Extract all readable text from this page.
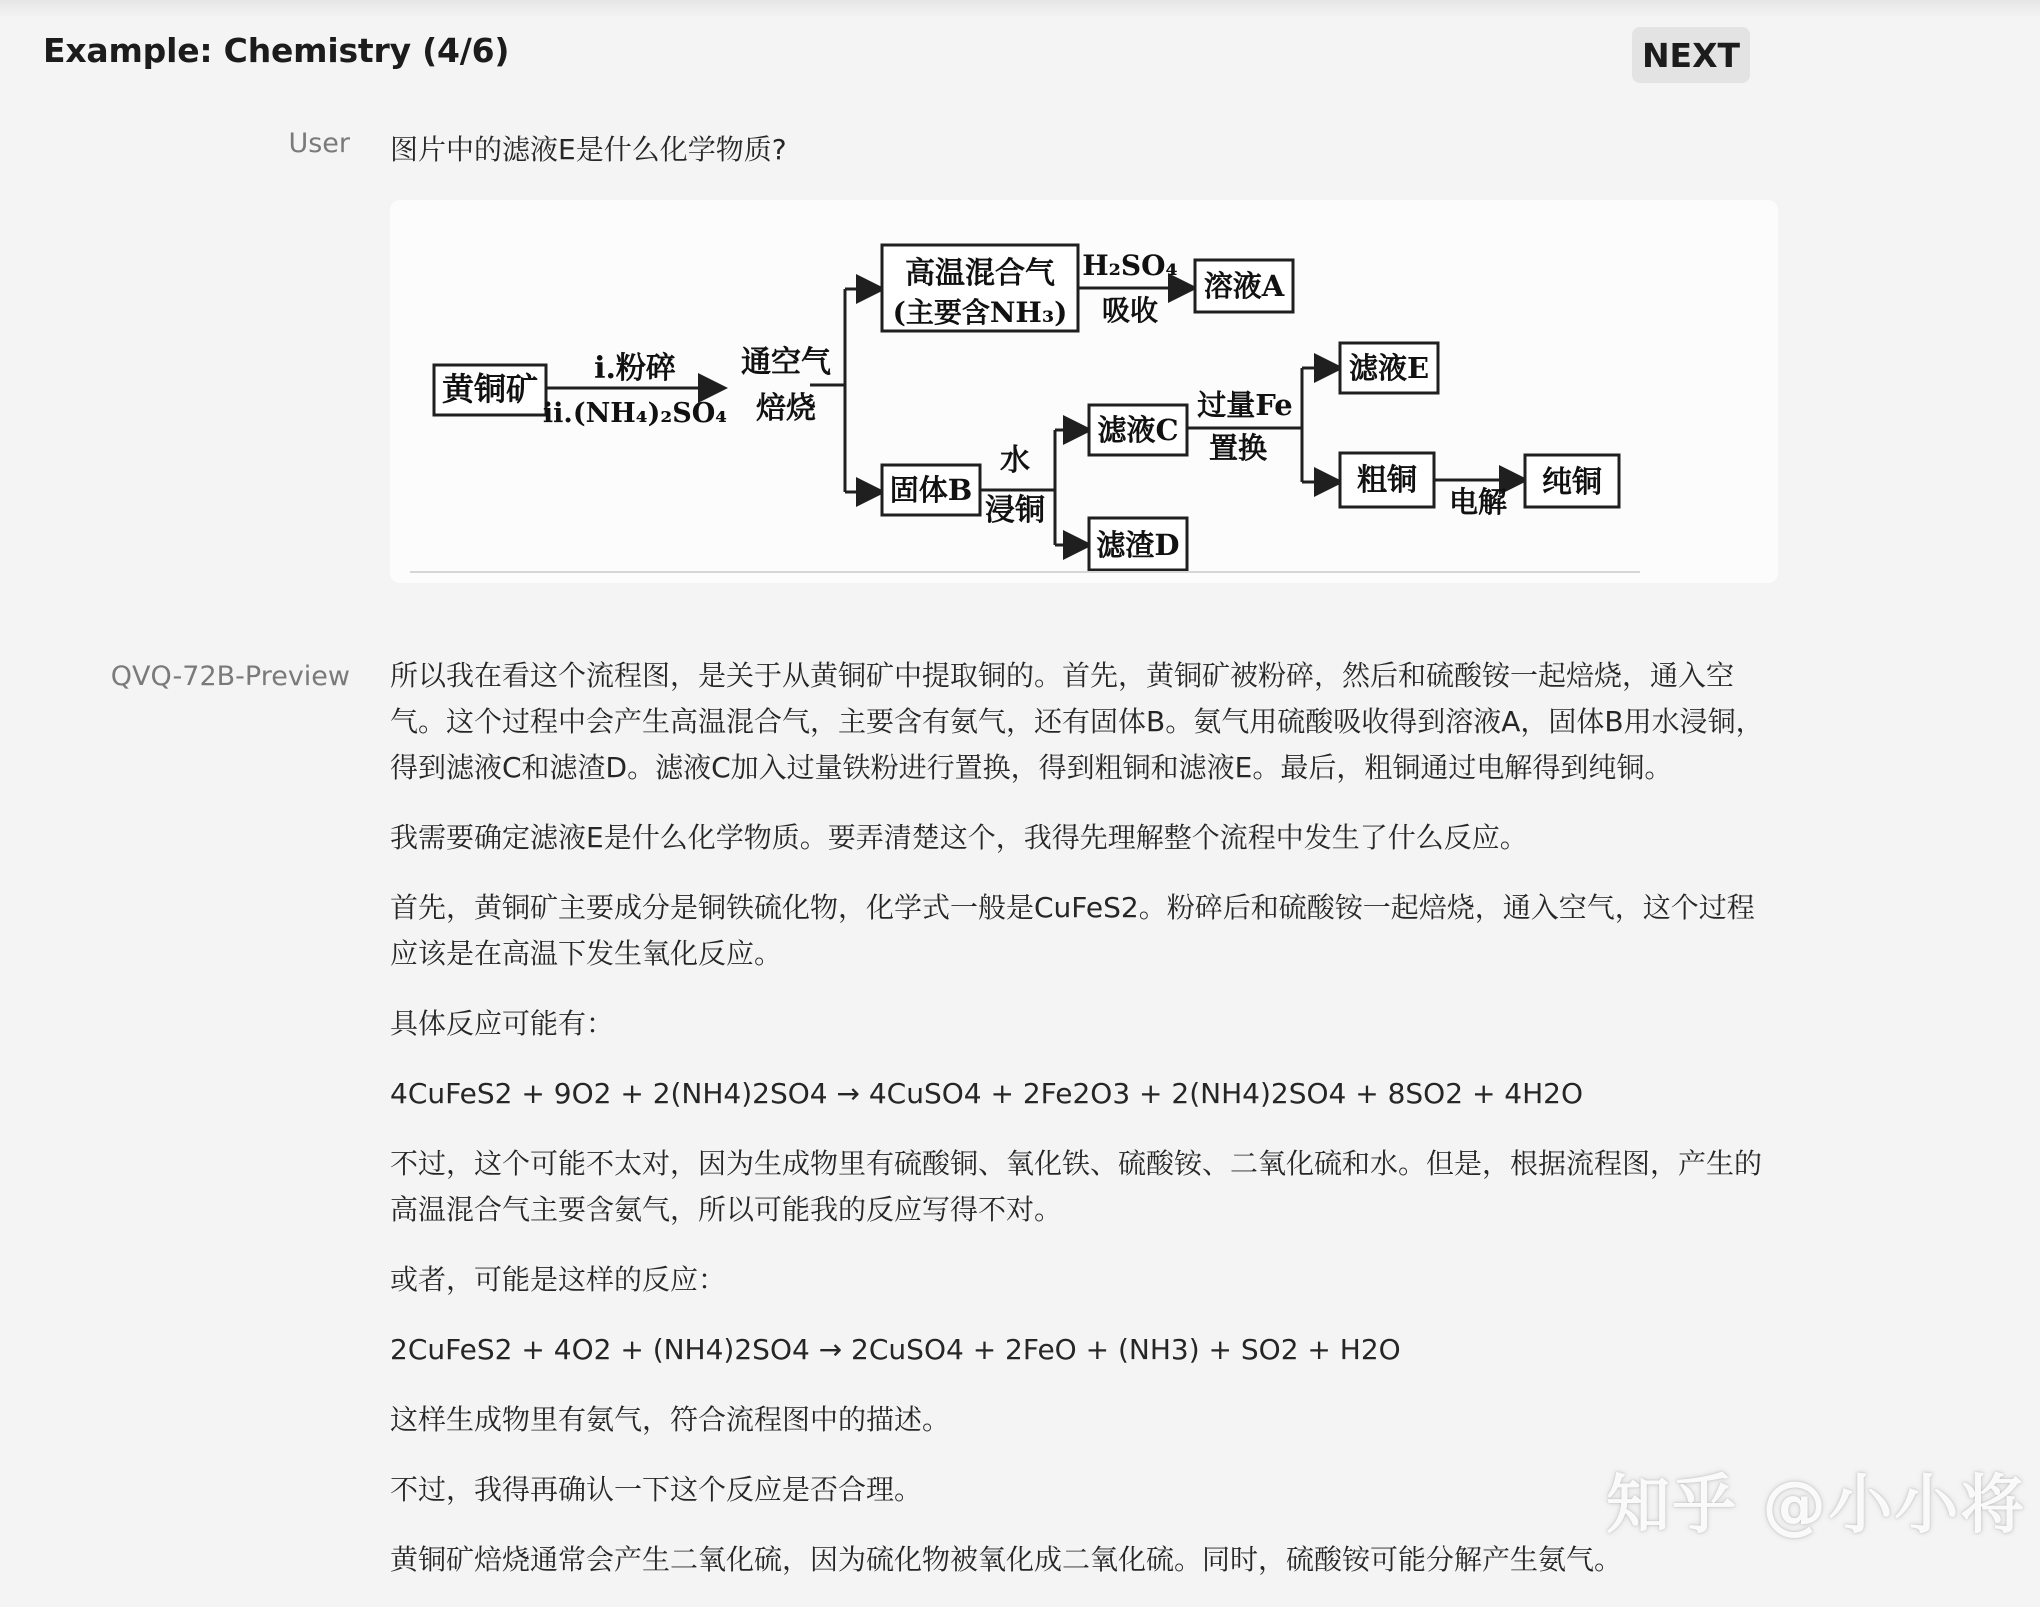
Example: Chemistry (4/6)	NEXT
User 图片中的滤液E是什么化学物质?
黄铜矿
i.粉碎
ii.(NH₄)₂SO₄
通空气
焙烧
高温混合气
(主要含NH₃)
H₂SO₄
吸收
溶液A
固体B
水
浸铜
滤液C
滤渣D
过量Fe
置换
滤液E
粗铜
电解
纯铜
QVQ-72B-Preview 所以我在看这个流程图，是关于从黄铜矿中提取铜的。首先，黄铜矿被粉碎，然后和硫酸铵一起焙烧，通入空气。这个过程中会产生高温混合气，主要含有氨气，还有固体B。氨气用硫酸吸收得到溶液A，固体B用水浸铜，得到滤液C和滤渣D。滤液C加入过量铁粉进行置换，得到粗铜和滤液E。最后，粗铜通过电解得到纯铜。

我需要确定滤液E是什么化学物质。要弄清楚这个，我得先理解整个流程中发生了什么反应。

首先，黄铜矿主要成分是铜铁硫化物，化学式一般是CuFeS2。粉碎后和硫酸铵一起焙烧，通入空气，这个过程应该是在高温下发生氧化反应。

具体反应可能有：

4CuFeS2 + 9O2 + 2(NH4)2SO4 → 4CuSO4 + 2Fe2O3 + 2(NH4)2SO4 + 8SO2 + 4H2O

不过，这个可能不太对，因为生成物里有硫酸铜、氧化铁、硫酸铵、二氧化硫和水。但是，根据流程图，产生的高温混合气主要含氨气，所以可能我的反应写得不对。

或者，可能是这样的反应：

2CuFeS2 + 4O2 + (NH4)2SO4 → 2CuSO4 + 2FeO + (NH3) + SO2 + H2O

这样生成物里有氨气，符合流程图中的描述。

不过，我得再确认一下这个反应是否合理。

黄铜矿焙烧通常会产生二氧化硫，因为硫化物被氧化成二氧化硫。同时，硫酸铵可能分解产生氨气。

知乎 @小小将
